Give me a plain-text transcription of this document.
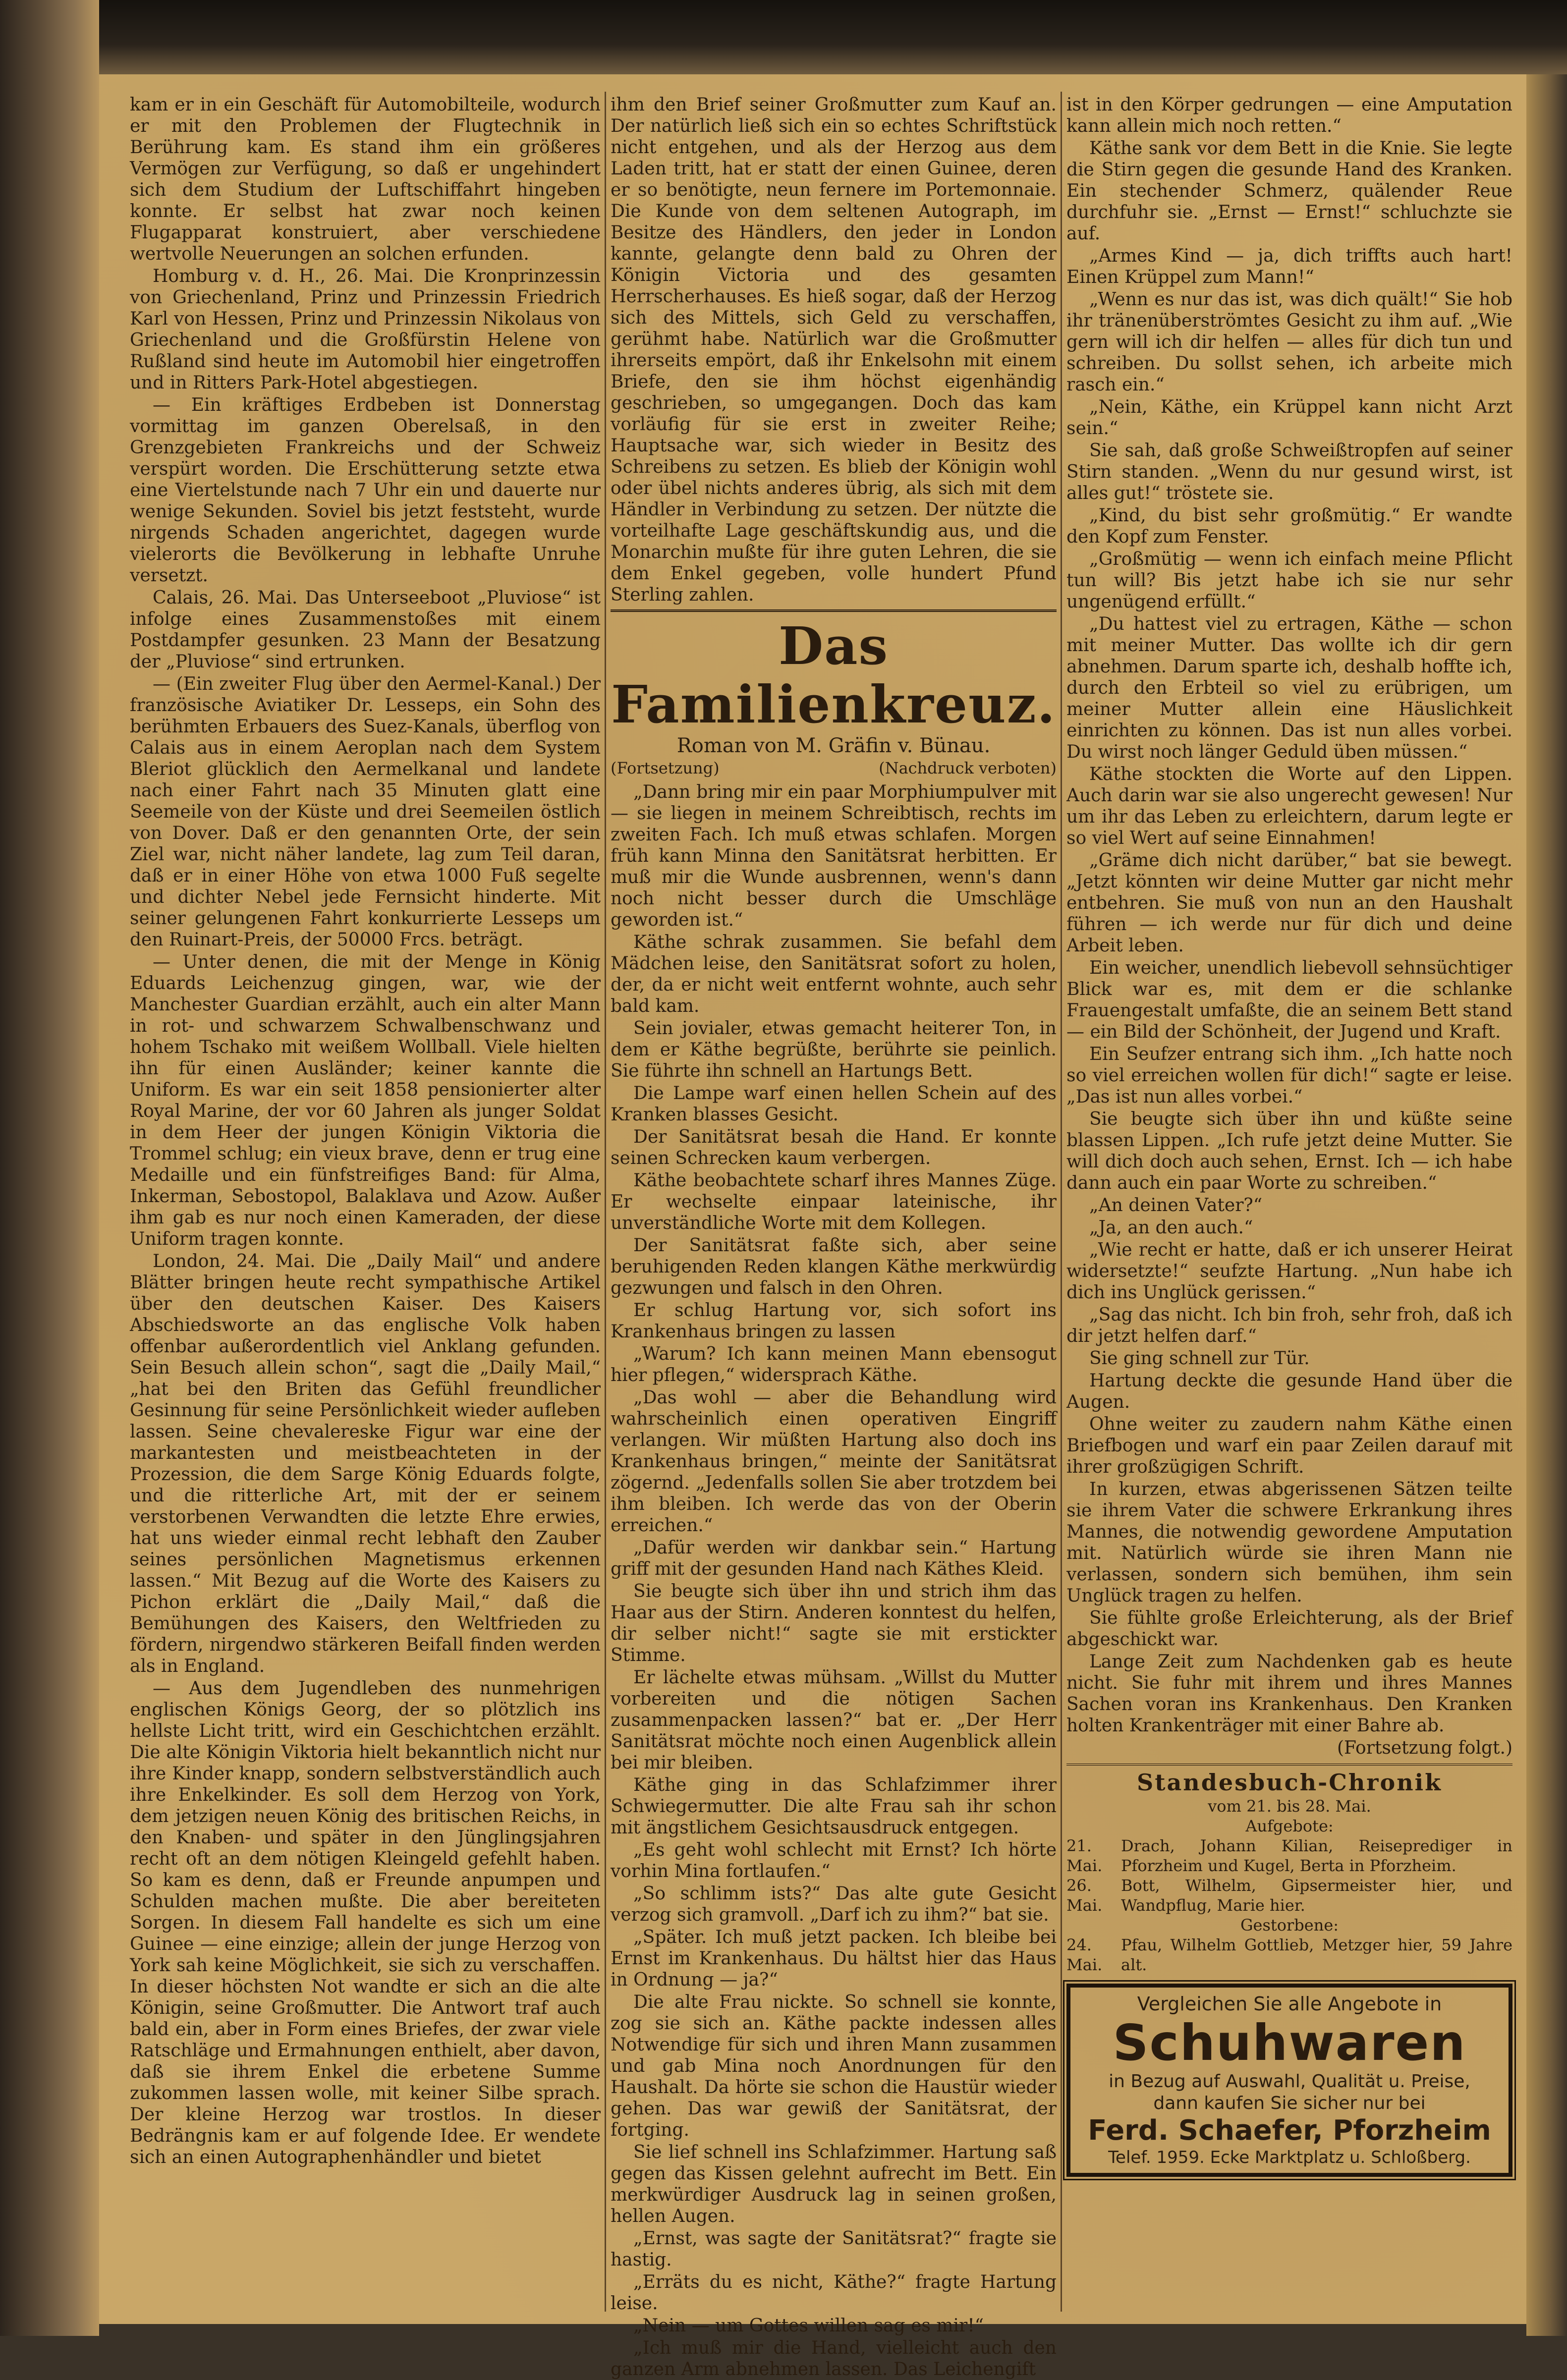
kam er in ein Geschäft für Automobilteile, wodurch er mit den Problemen der Flugtechnik in Berührung kam. Es stand ihm ein größeres Vermögen zur Verfügung, so daß er ungehindert sich dem Studium der Luftschiffahrt hingeben konnte. Er selbst hat zwar noch keinen Flugapparat konstruiert, aber verschiedene wertvolle Neuerungen an solchen erfunden.

Homburg v. d. H., 26. Mai. Die Kronprinzessin von Griechenland, Prinz und Prinzessin Friedrich Karl von Hessen, Prinz und Prinzessin Nikolaus von Griechenland und die Großfürstin Helene von Rußland sind heute im Automobil hier eingetroffen und in Ritters Park-Hotel abgestiegen.

— Ein kräftiges Erdbeben ist Donnerstag vormittag im ganzen Oberelsaß, in den Grenzgebieten Frankreichs und der Schweiz verspürt worden. Die Erschütterung setzte etwa eine Viertelstunde nach 7 Uhr ein und dauerte nur wenige Sekunden. Soviel bis jetzt feststeht, wurde nirgends Schaden angerichtet, dagegen wurde vielerorts die Bevölkerung in lebhafte Unruhe versetzt.

Calais, 26. Mai. Das Unterseeboot „Pluviose“ ist infolge eines Zusammenstoßes mit einem Postdampfer gesunken. 23 Mann der Besatzung der „Pluviose“ sind ertrunken.

— (Ein zweiter Flug über den Aermel-Kanal.) Der französische Aviatiker Dr. Lesseps, ein Sohn des berühmten Erbauers des Suez-Kanals, überflog von Calais aus in einem Aeroplan nach dem System Bleriot glücklich den Aermelkanal und landete nach einer Fahrt nach 35 Minuten glatt eine Seemeile von der Küste und drei Seemeilen östlich von Dover. Daß er den genannten Orte, der sein Ziel war, nicht näher landete, lag zum Teil daran, daß er in einer Höhe von etwa 1000 Fuß segelte und dichter Nebel jede Fernsicht hinderte. Mit seiner gelungenen Fahrt konkurrierte Lesseps um den Ruinart-Preis, der 50000 Frcs. beträgt.

— Unter denen, die mit der Menge in König Eduards Leichenzug gingen, war, wie der Manchester Guardian erzählt, auch ein alter Mann in rot- und schwarzem Schwalbenschwanz und hohem Tschako mit weißem Wollball. Viele hielten ihn für einen Ausländer; keiner kannte die Uniform. Es war ein seit 1858 pensionierter alter Royal Marine, der vor 60 Jahren als junger Soldat in dem Heer der jungen Königin Viktoria die Trommel schlug; ein vieux brave, denn er trug eine Medaille und ein fünfstreifiges Band: für Alma, Inkerman, Sebostopol, Balaklava und Azow. Außer ihm gab es nur noch einen Kameraden, der diese Uniform tragen konnte.

London, 24. Mai. Die „Daily Mail“ und andere Blätter bringen heute recht sympathische Artikel über den deutschen Kaiser. Des Kaisers Abschiedsworte an das englische Volk haben offenbar außerordentlich viel Anklang gefunden. Sein Besuch allein schon“, sagt die „Daily Mail,“ „hat bei den Briten das Gefühl freundlicher Gesinnung für seine Persönlichkeit wieder aufleben lassen. Seine chevalereske Figur war eine der markantesten und meistbeachteten in der Prozession, die dem Sarge König Eduards folgte, und die ritterliche Art, mit der er seinem verstorbenen Verwandten die letzte Ehre erwies, hat uns wieder einmal recht lebhaft den Zauber seines persönlichen Magnetismus erkennen lassen.“ Mit Bezug auf die Worte des Kaisers zu Pichon erklärt die „Daily Mail,“ daß die Bemühungen des Kaisers, den Weltfrieden zu fördern, nirgendwo stärkeren Beifall finden werden als in England.

— Aus dem Jugendleben des nunmehrigen englischen Königs Georg, der so plötzlich ins hellste Licht tritt, wird ein Geschichtchen erzählt. Die alte Königin Viktoria hielt bekanntlich nicht nur ihre Kinder knapp, sondern selbstverständlich auch ihre Enkelkinder. Es soll dem Herzog von York, dem jetzigen neuen König des britischen Reichs, in den Knaben- und später in den Jünglingsjahren recht oft an dem nötigen Kleingeld gefehlt haben. So kam es denn, daß er Freunde anpumpen und Schulden machen mußte. Die aber bereiteten Sorgen. In diesem Fall handelte es sich um eine Guinee — eine einzige; allein der junge Herzog von York sah keine Möglichkeit, sie sich zu verschaffen. In dieser höchsten Not wandte er sich an die alte Königin, seine Großmutter. Die Antwort traf auch bald ein, aber in Form eines Briefes, der zwar viele Ratschläge und Ermahnungen enthielt, aber davon, daß sie ihrem Enkel die erbetene Summe zukommen lassen wolle, mit keiner Silbe sprach. Der kleine Herzog war trostlos. In dieser Bedrängnis kam er auf folgende Idee. Er wendete sich an einen Autographenhändler und bietet

ihm den Brief seiner Großmutter zum Kauf an. Der natürlich ließ sich ein so echtes Schriftstück nicht entgehen, und als der Herzog aus dem Laden tritt, hat er statt der einen Guinee, deren er so benötigte, neun fernere im Portemonnaie. Die Kunde von dem seltenen Autograph, im Besitze des Händlers, den jeder in London kannte, gelangte denn bald zu Ohren der Königin Victoria und des gesamten Herrscherhauses. Es hieß sogar, daß der Herzog sich des Mittels, sich Geld zu verschaffen, gerühmt habe. Natürlich war die Großmutter ihrerseits empört, daß ihr Enkelsohn mit einem Briefe, den sie ihm höchst eigenhändig geschrieben, so umgegangen. Doch das kam vorläufig für sie erst in zweiter Reihe; Hauptsache war, sich wieder in Besitz des Schreibens zu setzen. Es blieb der Königin wohl oder übel nichts anderes übrig, als sich mit dem Händler in Verbindung zu setzen. Der nützte die vorteilhafte Lage geschäftskundig aus, und die Monarchin mußte für ihre guten Lehren, die sie dem Enkel gegeben, volle hundert Pfund Sterling zahlen.

Das Familienkreuz.
Roman von M. Gräfin v. Bünau.
(Fortsetzung)	(Nachdruck verboten)

„Dann bring mir ein paar Morphiumpulver mit — sie liegen in meinem Schreibtisch, rechts im zweiten Fach. Ich muß etwas schlafen. Morgen früh kann Minna den Sanitätsrat herbitten. Er muß mir die Wunde ausbrennen, wenn's dann noch nicht besser durch die Umschläge geworden ist.“

Käthe schrak zusammen. Sie befahl dem Mädchen leise, den Sanitätsrat sofort zu holen, der, da er nicht weit entfernt wohnte, auch sehr bald kam.

Sein jovialer, etwas gemacht heiterer Ton, in dem er Käthe begrüßte, berührte sie peinlich. Sie führte ihn schnell an Hartungs Bett.

Die Lampe warf einen hellen Schein auf des Kranken blasses Gesicht.

Der Sanitätsrat besah die Hand. Er konnte seinen Schrecken kaum verbergen.

Käthe beobachtete scharf ihres Mannes Züge. Er wechselte einpaar lateinische, ihr unverständliche Worte mit dem Kollegen.

Der Sanitätsrat faßte sich, aber seine beruhigenden Reden klangen Käthe merkwürdig gezwungen und falsch in den Ohren.

Er schlug Hartung vor, sich sofort ins Krankenhaus bringen zu lassen

„Warum? Ich kann meinen Mann ebensogut hier pflegen,“ widersprach Käthe.

„Das wohl — aber die Behandlung wird wahrscheinlich einen operativen Eingriff verlangen. Wir müßten Hartung also doch ins Krankenhaus bringen,“ meinte der Sanitätsrat zögernd. „Jedenfalls sollen Sie aber trotzdem bei ihm bleiben. Ich werde das von der Oberin erreichen.“

„Dafür werden wir dankbar sein.“ Hartung griff mit der gesunden Hand nach Käthes Kleid.

Sie beugte sich über ihn und strich ihm das Haar aus der Stirn. Anderen konntest du helfen, dir selber nicht!“ sagte sie mit erstickter Stimme.

Er lächelte etwas mühsam. „Willst du Mutter vorbereiten und die nötigen Sachen zusammenpacken lassen?“ bat er. „Der Herr Sanitätsrat möchte noch einen Augenblick allein bei mir bleiben.

Käthe ging in das Schlafzimmer ihrer Schwiegermutter. Die alte Frau sah ihr schon mit ängstlichem Gesichtsausdruck entgegen.

„Es geht wohl schlecht mit Ernst? Ich hörte vorhin Mina fortlaufen.“

„So schlimm ists?“ Das alte gute Gesicht verzog sich gramvoll. „Darf ich zu ihm?“ bat sie.

„Später. Ich muß jetzt packen. Ich bleibe bei Ernst im Krankenhaus. Du hältst hier das Haus in Ordnung — ja?“

Die alte Frau nickte. So schnell sie konnte, zog sie sich an. Käthe packte indessen alles Notwendige für sich und ihren Mann zusammen und gab Mina noch Anordnungen für den Haushalt. Da hörte sie schon die Haustür wieder gehen. Das war gewiß der Sanitätsrat, der fortging.

Sie lief schnell ins Schlafzimmer. Hartung saß gegen das Kissen gelehnt aufrecht im Bett. Ein merkwürdiger Ausdruck lag in seinen großen, hellen Augen.

„Ernst, was sagte der Sanitätsrat?“ fragte sie hastig.

„Erräts du es nicht, Käthe?“ fragte Hartung leise.

„Nein — um Gottes willen sag es mir!“

„Ich muß mir die Hand, vielleicht auch den ganzen Arm abnehmen lassen. Das Leichengift

ist in den Körper gedrungen — eine Amputation kann allein mich noch retten.“

Käthe sank vor dem Bett in die Knie. Sie legte die Stirn gegen die gesunde Hand des Kranken. Ein stechender Schmerz, quälender Reue durchfuhr sie. „Ernst — Ernst!“ schluchzte sie auf.

„Armes Kind — ja, dich triffts auch hart! Einen Krüppel zum Mann!“

„Wenn es nur das ist, was dich quält!“ Sie hob ihr tränenüberströmtes Gesicht zu ihm auf. „Wie gern will ich dir helfen — alles für dich tun und schreiben. Du sollst sehen, ich arbeite mich rasch ein.“

„Nein, Käthe, ein Krüppel kann nicht Arzt sein.“

Sie sah, daß große Schweißtropfen auf seiner Stirn standen. „Wenn du nur gesund wirst, ist alles gut!“ tröstete sie.

„Kind, du bist sehr großmütig.“ Er wandte den Kopf zum Fenster.

„Großmütig — wenn ich einfach meine Pflicht tun will? Bis jetzt habe ich sie nur sehr ungenügend erfüllt.“

„Du hattest viel zu ertragen, Käthe — schon mit meiner Mutter. Das wollte ich dir gern abnehmen. Darum sparte ich, deshalb hoffte ich, durch den Erbteil so viel zu erübrigen, um meiner Mutter allein eine Häuslichkeit einrichten zu können. Das ist nun alles vorbei. Du wirst noch länger Geduld üben müssen.“

Käthe stockten die Worte auf den Lippen. Auch darin war sie also ungerecht gewesen! Nur um ihr das Leben zu erleichtern, darum legte er so viel Wert auf seine Einnahmen!

„Gräme dich nicht darüber,“ bat sie bewegt. „Jetzt könnten wir deine Mutter gar nicht mehr entbehren. Sie muß von nun an den Haushalt führen — ich werde nur für dich und deine Arbeit leben.

Ein weicher, unendlich liebevoll sehnsüchtiger Blick war es, mit dem er die schlanke Frauengestalt umfaßte, die an seinem Bett stand — ein Bild der Schönheit, der Jugend und Kraft.

Ein Seufzer entrang sich ihm. „Ich hatte noch so viel erreichen wollen für dich!“ sagte er leise. „Das ist nun alles vorbei.“

Sie beugte sich über ihn und küßte seine blassen Lippen. „Ich rufe jetzt deine Mutter. Sie will dich doch auch sehen, Ernst. Ich — ich habe dann auch ein paar Worte zu schreiben.“

„An deinen Vater?“

„Ja, an den auch.“

„Wie recht er hatte, daß er ich unserer Heirat widersetzte!“ seufzte Hartung. „Nun habe ich dich ins Unglück gerissen.“

„Sag das nicht. Ich bin froh, sehr froh, daß ich dir jetzt helfen darf.“

Sie ging schnell zur Tür.

Hartung deckte die gesunde Hand über die Augen.

Ohne weiter zu zaudern nahm Käthe einen Briefbogen und warf ein paar Zeilen darauf mit ihrer großzügigen Schrift.

In kurzen, etwas abgerissenen Sätzen teilte sie ihrem Vater die schwere Erkrankung ihres Mannes, die notwendig gewordene Amputation mit. Natürlich würde sie ihren Mann nie verlassen, sondern sich bemühen, ihm sein Unglück tragen zu helfen.

Sie fühlte große Erleichterung, als der Brief abgeschickt war.

Lange Zeit zum Nachdenken gab es heute nicht. Sie fuhr mit ihrem und ihres Mannes Sachen voran ins Krankenhaus. Den Kranken holten Krankenträger mit einer Bahre ab.

(Fortsetzung folgt.)
Standesbuch-Chronik
vom 21. bis 28. Mai.
Aufgebote:
21. Mai.	Drach, Johann Kilian, Reiseprediger in Pforzheim und Kugel, Berta in Pforzheim.
26. Mai.	Bott, Wilhelm, Gipsermeister hier, und Wandpflug, Marie hier.
Gestorbene:
24. Mai.	Pfau, Wilhelm Gottlieb, Metzger hier, 59 Jahre alt.
Vergleichen Sie alle Angebote in
Schuhwaren
in Bezug auf Auswahl, Qualität u. Preise,
dann kaufen Sie sicher nur bei
Ferd. Schaefer, Pforzheim
Telef. 1959. Ecke Marktplatz u. Schloßberg.
